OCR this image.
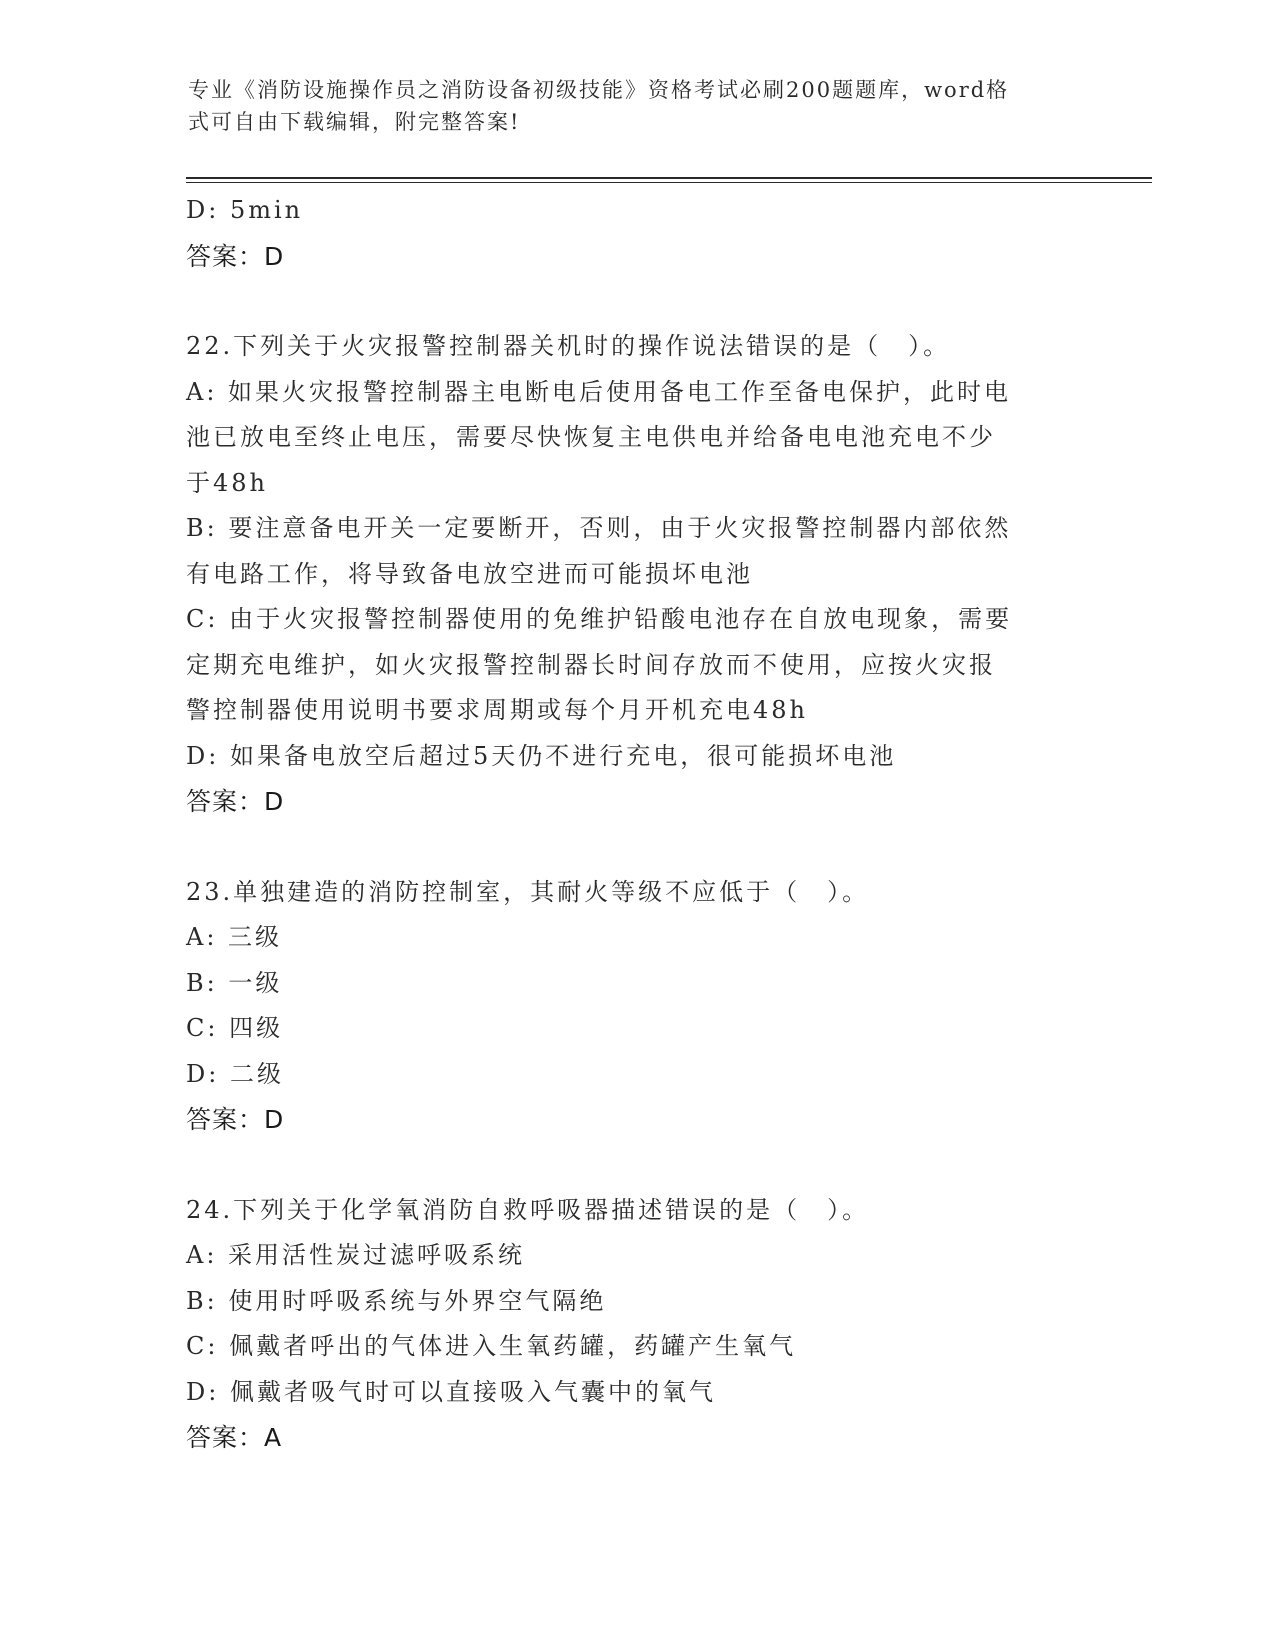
专业《消防设施操作员之消防设备初级技能》资格考试必刷200题题库，word格
式可自由下载编辑，附完整答案!
D: 5min
答案：D
22.下列关于火灾报警控制器关机时的操作说法错误的是（　）。
A: 如果火灾报警控制器主电断电后使用备电工作至备电保护，此时电
池已放电至终止电压，需要尽快恢复主电供电并给备电电池充电不少
于48h
B: 要注意备电开关一定要断开，否则，由于火灾报警控制器内部依然
有电路工作，将导致备电放空进而可能损坏电池
C: 由于火灾报警控制器使用的免维护铅酸电池存在自放电现象，需要
定期充电维护，如火灾报警控制器长时间存放而不使用，应按火灾报
警控制器使用说明书要求周期或每个月开机充电48h
D: 如果备电放空后超过5天仍不进行充电，很可能损坏电池
答案：D
23.单独建造的消防控制室，其耐火等级不应低于（　）。
A: 三级
B: 一级
C: 四级
D: 二级
答案：D
24.下列关于化学氧消防自救呼吸器描述错误的是（　）。
A: 采用活性炭过滤呼吸系统
B: 使用时呼吸系统与外界空气隔绝
C: 佩戴者呼出的气体进入生氧药罐，药罐产生氧气
D: 佩戴者吸气时可以直接吸入气囊中的氧气
答案：A
